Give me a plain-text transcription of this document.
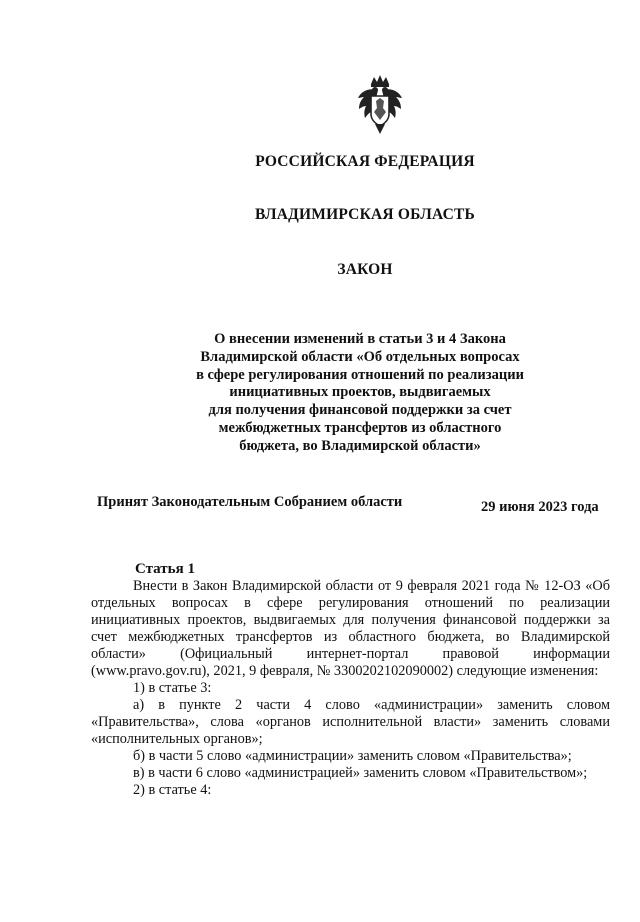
РОССИЙСКАЯ ФЕДЕРАЦИЯ
ВЛАДИМИРСКАЯ ОБЛАСТЬ
ЗАКОН
О внесении изменений в статьи 3 и 4 Закона
Владимирской области «Об отдельных вопросах
в сфере регулирования отношений по реализации
инициативных проектов, выдвигаемых
для получения финансовой поддержки за счет
межбюджетных трансфертов из областного
бюджета, во Владимирской области»
Принят Законодательным Собранием области	29 июня 2023 года
Статья 1

Внести в Закон Владимирской области от 9 февраля 2021 года № 12-ОЗ «Об отдельных вопросах в сфере регулирования отношений по реализации инициативных проектов, выдвигаемых для получения финансовой поддержки за счет межбюджетных трансфертов из областного бюджета, во Владимирской области» (Официальный интернет-портал правовой информации (www.pravo.gov.ru), 2021, 9 февраля, № 3300202102090002) следующие изменения:

1) в статье 3:

а) в пункте 2 части 4 слово «администрации» заменить словом «Правительства», слова «органов исполнительной власти» заменить словами «исполнительных органов»;

б) в части 5 слово «администрации» заменить словом «Правительства»;

в) в части 6 слово «администрацией» заменить словом «Правительством»;

2) в статье 4:
